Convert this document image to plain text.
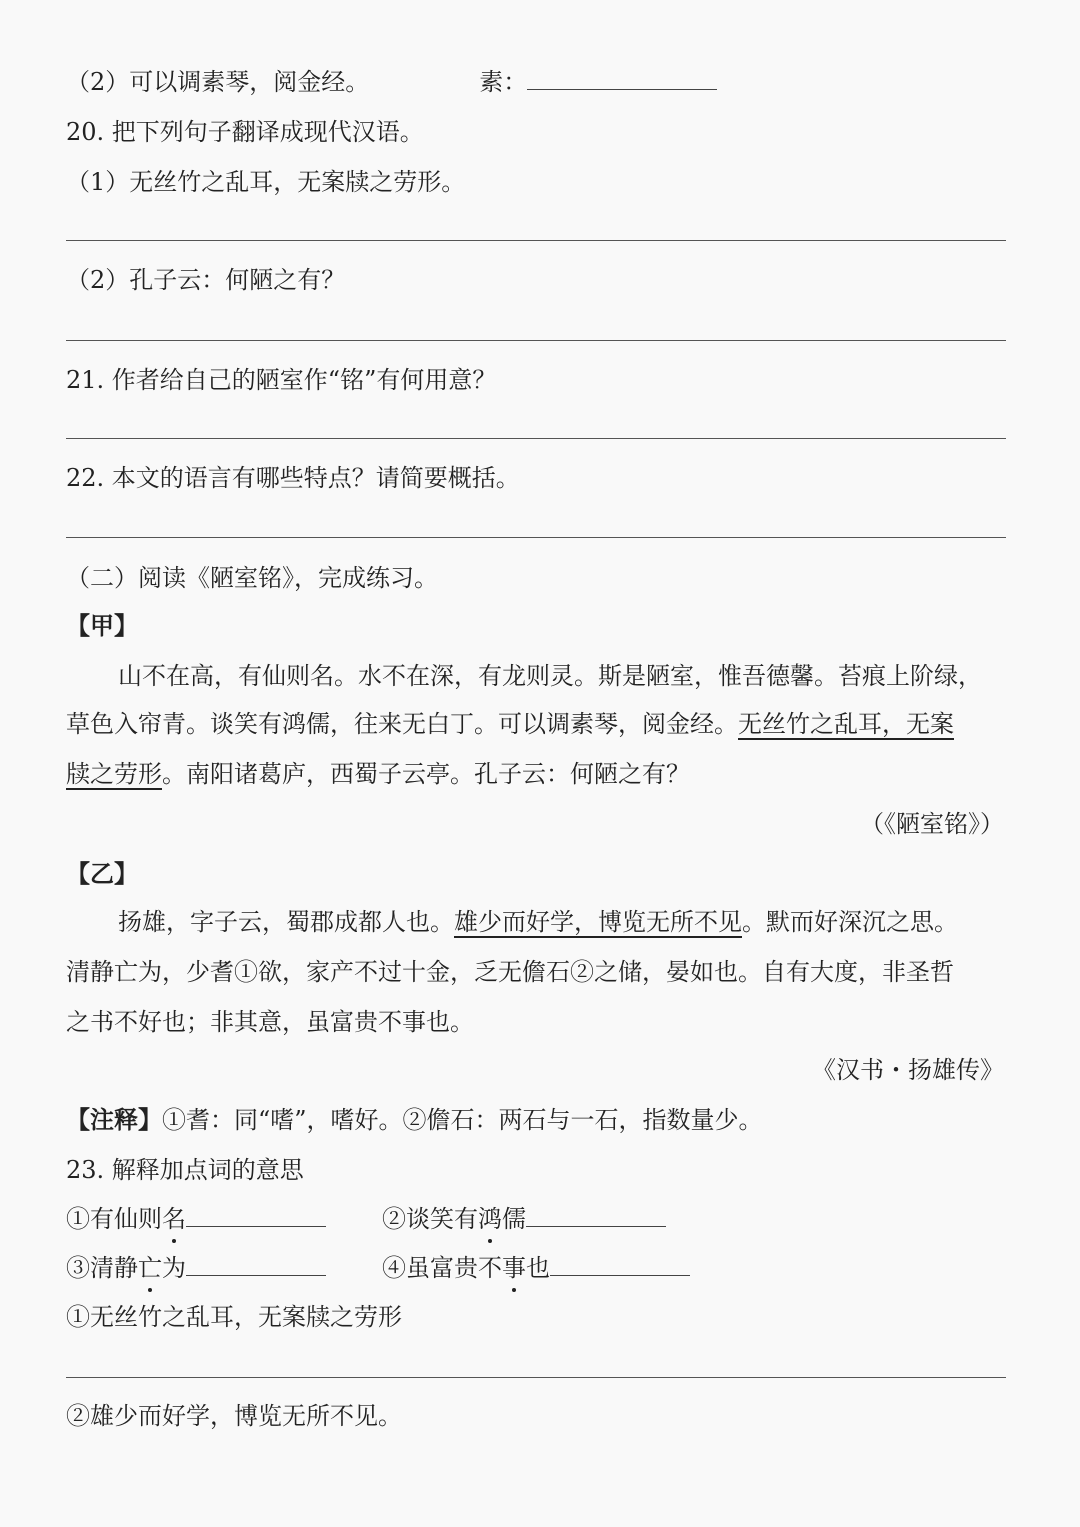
（2）可以调素琴，阅金经。	素：
20. 把下列句子翻译成现代汉语。
（1）无丝竹之乱耳，无案牍之劳形。
（2）孔子云：何陋之有？
21. 作者给自己的陋室作“铭”有何用意？
22. 本文的语言有哪些特点？请简要概括。
（二）阅读《陋室铭》，完成练习。
【甲】
山不在高，有仙则名。水不在深，有龙则灵。斯是陋室，惟吾德馨。苔痕上阶绿，
草色入帘青。谈笑有鸿儒，往来无白丁。可以调素琴，阅金经。无丝竹之乱耳，无案
牍之劳形。南阳诸葛庐，西蜀子云亭。孔子云：何陋之有？
（《陋室铭》）
【乙】
扬雄，字子云，蜀郡成都人也。雄少而好学，博览无所不见。默而好深沉之思。
清静亡为，少耆①欲，家产不过十金，乏无儋石②之储，晏如也。自有大度，非圣哲
之书不好也；非其意，虽富贵不事也。
《汉书・扬雄传》
【注释】①耆：同“嗜”，嗜好。②儋石：两石与一石，指数量少。
23. 解释加点词的意思
①有仙则名	②谈笑有鸿儒
③清静亡为	④虽富贵不事也
①无丝竹之乱耳，无案牍之劳形
②雄少而好学，博览无所不见。
